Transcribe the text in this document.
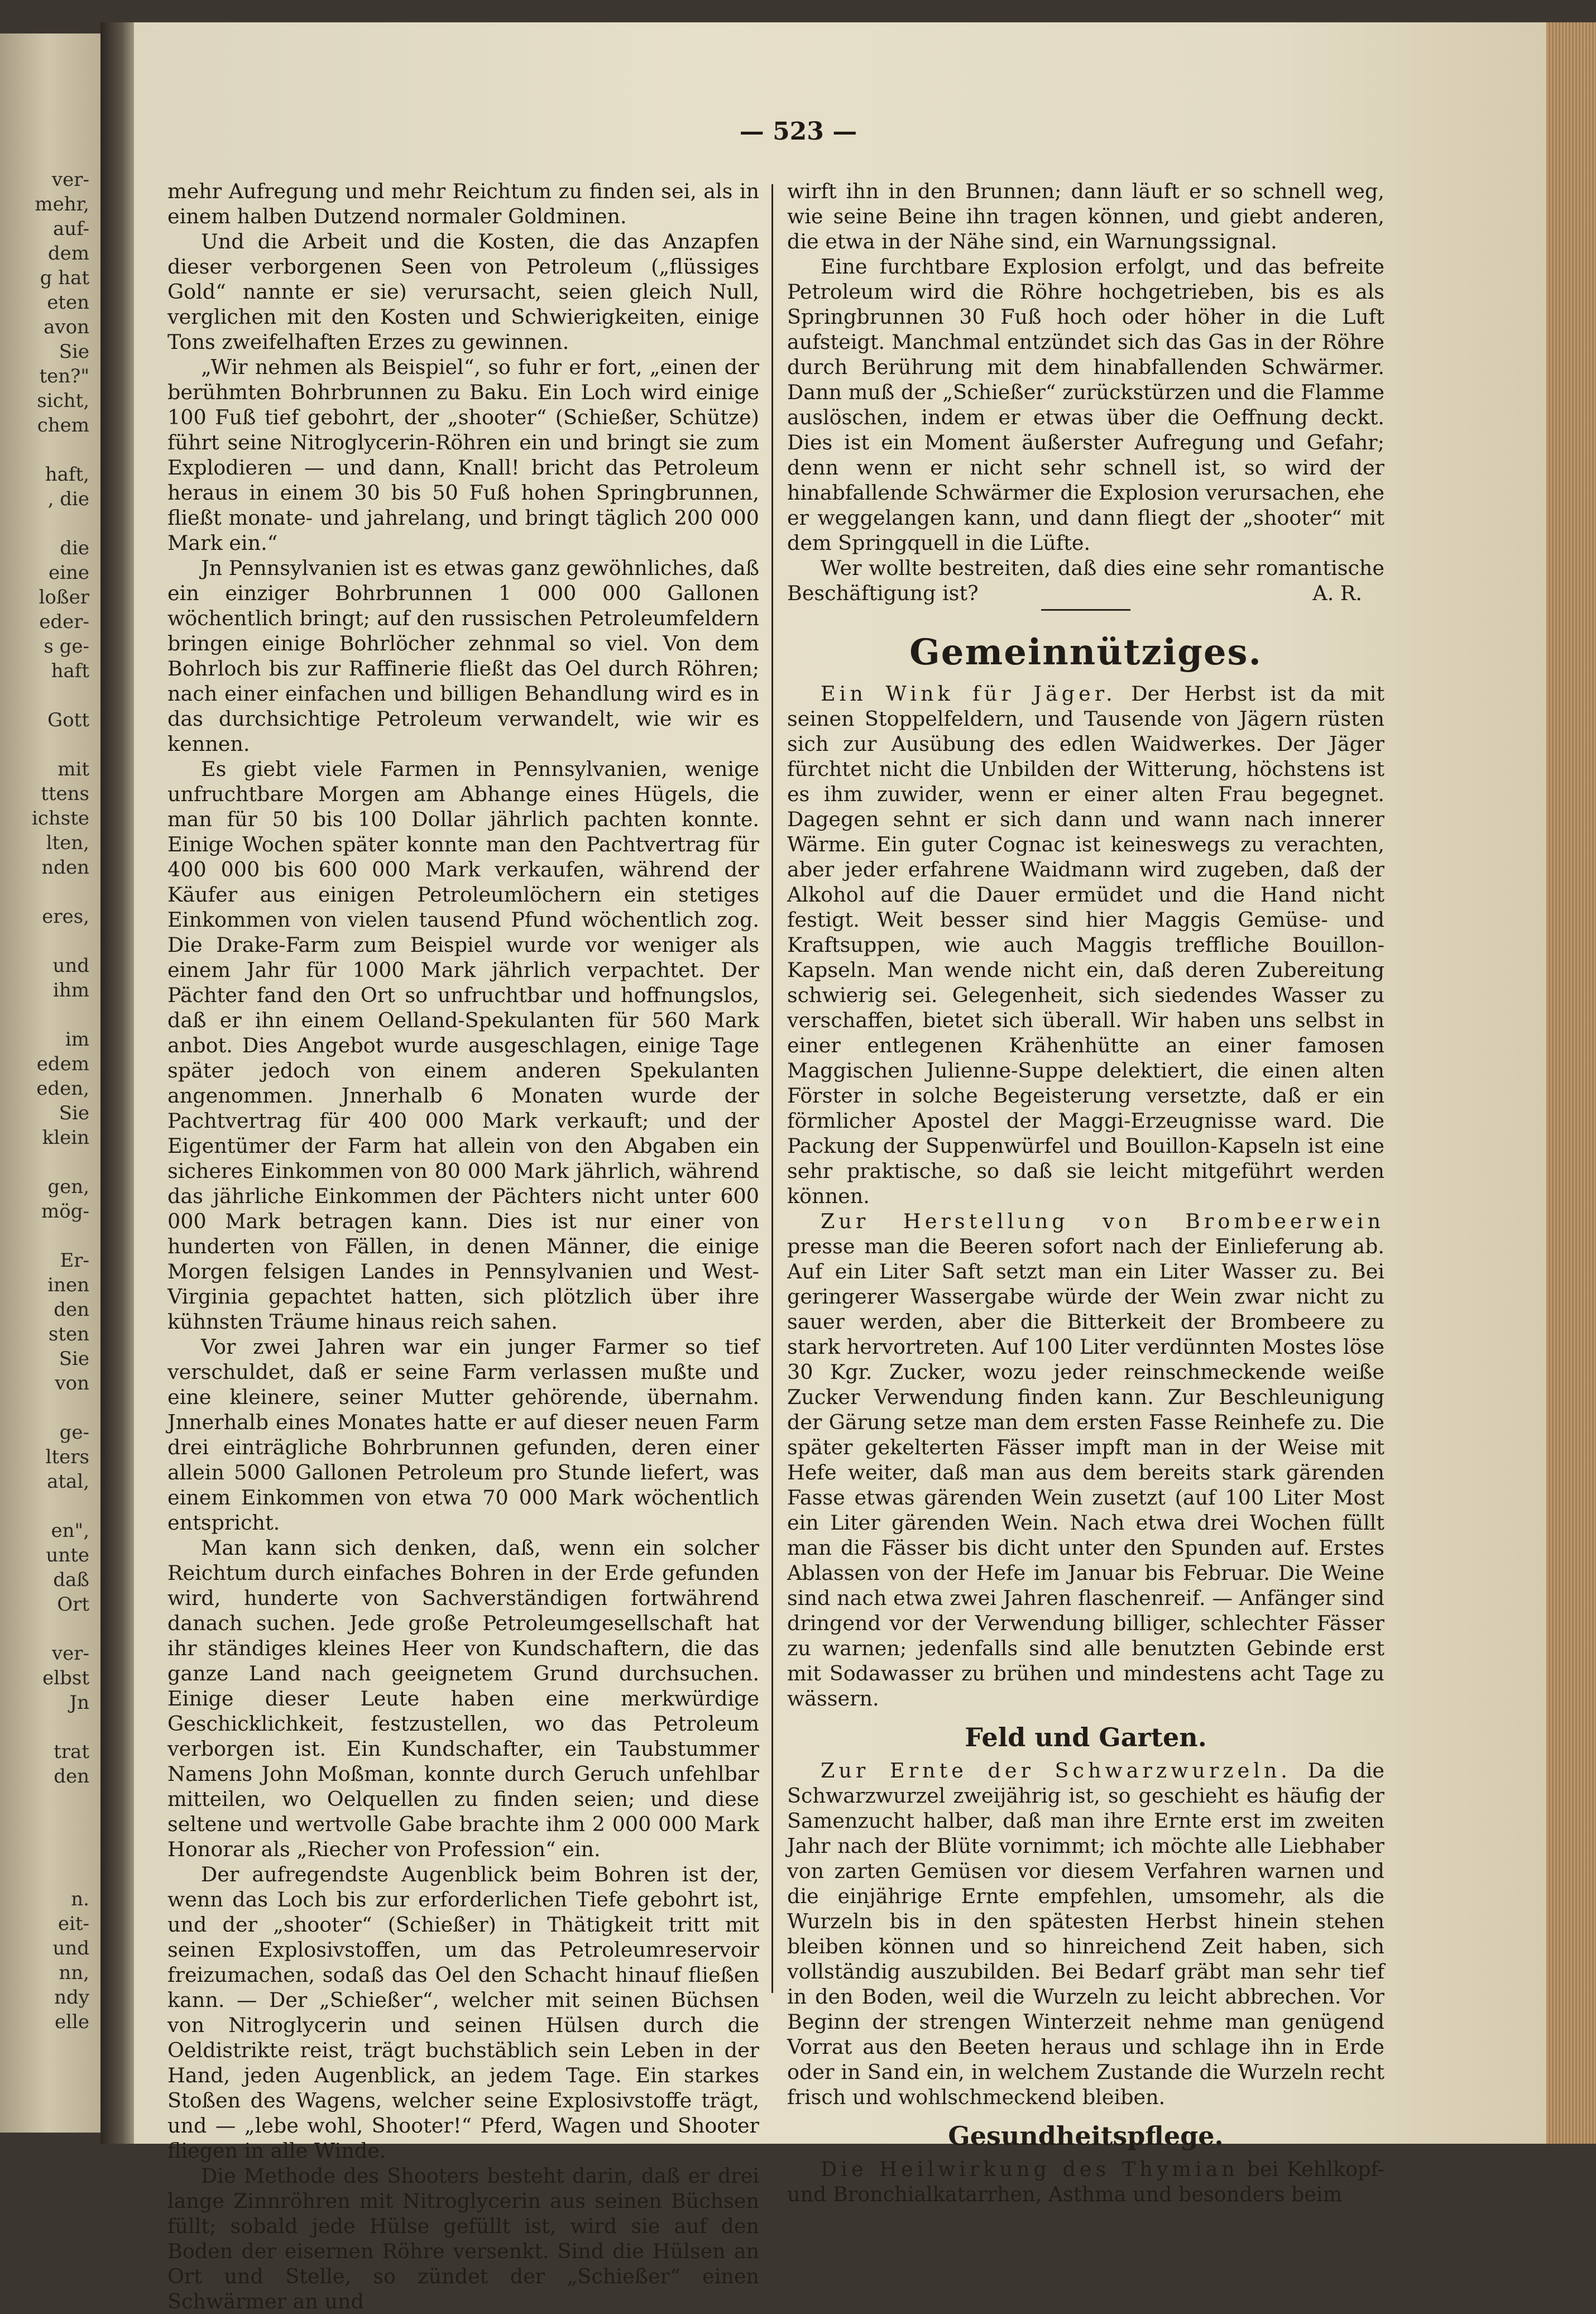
ver-
mehr,
auf-
dem
g hat
eten
avon
Sie
ten?"
sicht,
chem

haft,
, die

die
eine
loßer
eder-
s ge-
haft

Gott

mit
ttens
ichste
lten,
nden

eres,

und
ihm

im
edem
eden,
Sie
klein

gen,
mög-

Er-
inen
den
sten
Sie
von

ge-
lters
atal,

en",
unte
daß
Ort

ver-
elbst
Jn

trat
den

n.
eit-
und
nn,
ndy
elle
— 523 —

mehr Aufregung und mehr Reichtum zu finden sei, als in einem halben Dutzend normaler Goldminen.

Und die Arbeit und die Kosten, die das Anzapfen dieser verborgenen Seen von Petroleum („flüssiges Gold“ nannte er sie) verursacht, seien gleich Null, verglichen mit den Kosten und Schwierigkeiten, einige Tons zweifelhaften Erzes zu gewinnen.

„Wir nehmen als Beispiel“, so fuhr er fort, „einen der berühmten Bohrbrunnen zu Baku. Ein Loch wird einige 100 Fuß tief gebohrt, der „shooter“ (Schießer, Schütze) führt seine Nitroglycerin-Röhren ein und bringt sie zum Explodieren — und dann, Knall! bricht das Petroleum heraus in einem 30 bis 50 Fuß hohen Springbrunnen, fließt monate- und jahrelang, und bringt täglich 200 000 Mark ein.“

Jn Pennsylvanien ist es etwas ganz gewöhnliches, daß ein einziger Bohrbrunnen 1 000 000 Gallonen wöchentlich bringt; auf den russischen Petroleumfeldern bringen einige Bohrlöcher zehnmal so viel. Von dem Bohrloch bis zur Raffinerie fließt das Oel durch Röhren; nach einer einfachen und billigen Behandlung wird es in das durchsichtige Petroleum verwandelt, wie wir es kennen.

Es giebt viele Farmen in Pennsylvanien, wenige unfruchtbare Morgen am Abhange eines Hügels, die man für 50 bis 100 Dollar jährlich pachten konnte. Einige Wochen später konnte man den Pachtvertrag für 400 000 bis 600 000 Mark verkaufen, während der Käufer aus einigen Petroleumlöchern ein stetiges Einkommen von vielen tausend Pfund wöchentlich zog. Die Drake-Farm zum Beispiel wurde vor weniger als einem Jahr für 1000 Mark jährlich verpachtet. Der Pächter fand den Ort so unfruchtbar und hoffnungslos, daß er ihn einem Oelland-Spekulanten für 560 Mark anbot. Dies Angebot wurde ausgeschlagen, einige Tage später jedoch von einem anderen Spekulanten angenommen. Jnnerhalb 6 Monaten wurde der Pachtvertrag für 400 000 Mark verkauft; und der Eigentümer der Farm hat allein von den Abgaben ein sicheres Einkommen von 80 000 Mark jährlich, während das jährliche Einkommen der Pächters nicht unter 600 000 Mark betragen kann. Dies ist nur einer von hunderten von Fällen, in denen Männer, die einige Morgen felsigen Landes in Pennsylvanien und West-Virginia gepachtet hatten, sich plötzlich über ihre kühnsten Träume hinaus reich sahen.

Vor zwei Jahren war ein junger Farmer so tief verschuldet, daß er seine Farm verlassen mußte und eine kleinere, seiner Mutter gehörende, übernahm. Jnnerhalb eines Monates hatte er auf dieser neuen Farm drei einträgliche Bohrbrunnen gefunden, deren einer allein 5000 Gallonen Petroleum pro Stunde liefert, was einem Einkommen von etwa 70 000 Mark wöchentlich entspricht.

Man kann sich denken, daß, wenn ein solcher Reichtum durch einfaches Bohren in der Erde gefunden wird, hunderte von Sachverständigen fortwährend danach suchen. Jede große Petroleumgesellschaft hat ihr ständiges kleines Heer von Kundschaftern, die das ganze Land nach geeignetem Grund durchsuchen. Einige dieser Leute haben eine merkwürdige Geschicklichkeit, festzustellen, wo das Petroleum verborgen ist. Ein Kundschafter, ein Taubstummer Namens John Moßman, konnte durch Geruch unfehlbar mitteilen, wo Oelquellen zu finden seien; und diese seltene und wertvolle Gabe brachte ihm 2 000 000 Mark Honorar als „Riecher von Profession“ ein.

Der aufregendste Augenblick beim Bohren ist der, wenn das Loch bis zur erforderlichen Tiefe gebohrt ist, und der „shooter“ (Schießer) in Thätigkeit tritt mit seinen Explosivstoffen, um das Petroleumreservoir freizumachen, sodaß das Oel den Schacht hinauf fließen kann. — Der „Schießer“, welcher mit seinen Büchsen von Nitroglycerin und seinen Hülsen durch die Oeldistrikte reist, trägt buchstäblich sein Leben in der Hand, jeden Augenblick, an jedem Tage. Ein starkes Stoßen des Wagens, welcher seine Explosivstoffe trägt, und — „lebe wohl, Shooter!“ Pferd, Wagen und Shooter fliegen in alle Winde.

Die Methode des Shooters besteht darin, daß er drei lange Zinnröhren mit Nitroglycerin aus seinen Büchsen füllt; sobald jede Hülse gefüllt ist, wird sie auf den Boden der eisernen Röhre versenkt. Sind die Hülsen an Ort und Stelle, so zündet der „Schießer“ einen Schwärmer an und

wirft ihn in den Brunnen; dann läuft er so schnell weg, wie seine Beine ihn tragen können, und giebt anderen, die etwa in der Nähe sind, ein Warnungssignal.

Eine furchtbare Explosion erfolgt, und das befreite Petroleum wird die Röhre hochgetrieben, bis es als Springbrunnen 30 Fuß hoch oder höher in die Luft aufsteigt. Manchmal entzündet sich das Gas in der Röhre durch Berührung mit dem hinabfallenden Schwärmer. Dann muß der „Schießer“ zurückstürzen und die Flamme auslöschen, indem er etwas über die Oeffnung deckt. Dies ist ein Moment äußerster Aufregung und Gefahr; denn wenn er nicht sehr schnell ist, so wird der hinabfallende Schwärmer die Explosion verursachen, ehe er weggelangen kann, und dann fliegt der „shooter“ mit dem Springquell in die Lüfte.

Wer wollte bestreiten, daß dies eine sehr romantische Beschäftigung ist?	A. R.

Gemeinnütziges.

Ein Wink für Jäger. Der Herbst ist da mit seinen Stoppelfeldern, und Tausende von Jägern rüsten sich zur Ausübung des edlen Waidwerkes. Der Jäger fürchtet nicht die Unbilden der Witterung, höchstens ist es ihm zuwider, wenn er einer alten Frau begegnet. Dagegen sehnt er sich dann und wann nach innerer Wärme. Ein guter Cognac ist keineswegs zu verachten, aber jeder erfahrene Waidmann wird zugeben, daß der Alkohol auf die Dauer ermüdet und die Hand nicht festigt. Weit besser sind hier Maggis Gemüse- und Kraftsuppen, wie auch Maggis treffliche Bouillon-Kapseln. Man wende nicht ein, daß deren Zubereitung schwierig sei. Gelegenheit, sich siedendes Wasser zu verschaffen, bietet sich überall. Wir haben uns selbst in einer entlegenen Krähenhütte an einer famosen Maggischen Julienne-Suppe delektiert, die einen alten Förster in solche Begeisterung versetzte, daß er ein förmlicher Apostel der Maggi-Erzeugnisse ward. Die Packung der Suppenwürfel und Bouillon-Kapseln ist eine sehr praktische, so daß sie leicht mitgeführt werden können.

Zur Herstellung von Brombeerwein presse man die Beeren sofort nach der Einlieferung ab. Auf ein Liter Saft setzt man ein Liter Wasser zu. Bei geringerer Wassergabe würde der Wein zwar nicht zu sauer werden, aber die Bitterkeit der Brombeere zu stark hervortreten. Auf 100 Liter verdünnten Mostes löse 30 Kgr. Zucker, wozu jeder reinschmeckende weiße Zucker Verwendung finden kann. Zur Beschleunigung der Gärung setze man dem ersten Fasse Reinhefe zu. Die später gekelterten Fässer impft man in der Weise mit Hefe weiter, daß man aus dem bereits stark gärenden Fasse etwas gärenden Wein zusetzt (auf 100 Liter Most ein Liter gärenden Wein. Nach etwa drei Wochen füllt man die Fässer bis dicht unter den Spunden auf. Erstes Ablassen von der Hefe im Januar bis Februar. Die Weine sind nach etwa zwei Jahren flaschenreif. — Anfänger sind dringend vor der Verwendung billiger, schlechter Fässer zu warnen; jedenfalls sind alle benutzten Gebinde erst mit Sodawasser zu brühen und mindestens acht Tage zu wässern.

Feld und Garten.

Zur Ernte der Schwarzwurzeln. Da die Schwarzwurzel zweijährig ist, so geschieht es häufig der Samenzucht halber, daß man ihre Ernte erst im zweiten Jahr nach der Blüte vornimmt; ich möchte alle Liebhaber von zarten Gemüsen vor diesem Verfahren warnen und die einjährige Ernte empfehlen, umsomehr, als die Wurzeln bis in den spätesten Herbst hinein stehen bleiben können und so hinreichend Zeit haben, sich vollständig auszubilden. Bei Bedarf gräbt man sehr tief in den Boden, weil die Wurzeln zu leicht abbrechen. Vor Beginn der strengen Winterzeit nehme man genügend Vorrat aus den Beeten heraus und schlage ihn in Erde oder in Sand ein, in welchem Zustande die Wurzeln recht frisch und wohlschmeckend bleiben.

Gesundheitspflege.

Die Heilwirkung des Thymian bei Kehlkopf- und Bronchialkatarrhen, Asthma und besonders beim
